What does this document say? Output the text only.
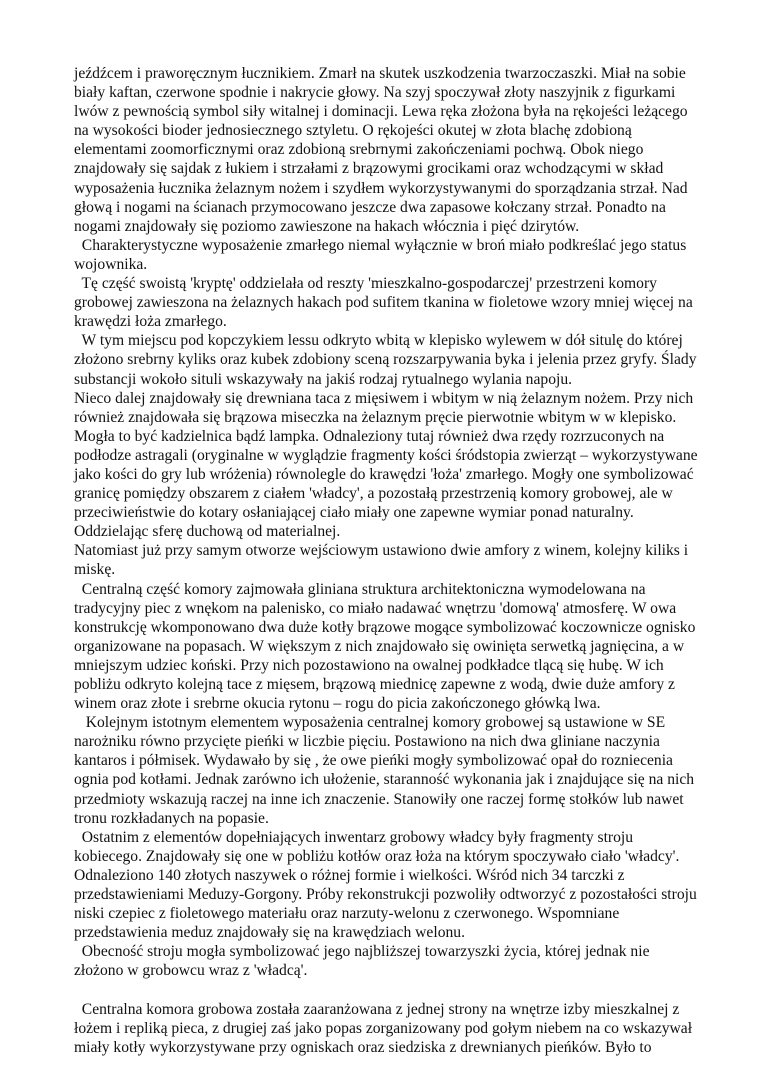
jeźdźcem i praworęcznym łucznikiem. Zmarł na skutek uszkodzenia twarzoczaszki. Miał na sobie
biały kaftan, czerwone spodnie i nakrycie głowy. Na szyj spoczywał złoty naszyjnik z figurkami
lwów z pewnością symbol siły witalnej i dominacji. Lewa ręka złożona była na rękojeści leżącego
na wysokości bioder jednosiecznego sztyletu. O rękojeści okutej w złota blachę zdobioną
elementami zoomorficznymi oraz zdobioną srebrnymi zakończeniami pochwą. Obok niego
znajdowały się sajdak z łukiem i strzałami z brązowymi grocikami oraz wchodzącymi w skład
wyposażenia łucznika żelaznym nożem i szydłem wykorzystywanymi do sporządzania strzał. Nad
głową i nogami na ścianach przymocowano jeszcze dwa zapasowe kołczany strzał. Ponadto na
nogami znajdowały się poziomo zawieszone na hakach włócznia i pięć dzirytów.

Charakterystyczne wyposażenie zmarłego niemal wyłącznie w broń miało podkreślać jego status
wojownika.

Tę część swoistą 'kryptę' oddzielała od reszty 'mieszkalno-gospodarczej' przestrzeni komory
grobowej zawieszona na żelaznych hakach pod sufitem tkanina w fioletowe wzory mniej więcej na
krawędzi łoża zmarłego.

W tym miejscu pod kopczykiem lessu odkryto wbitą w klepisko wylewem w dół situlę do której
złożono srebrny kyliks oraz kubek zdobiony sceną rozszarpywania byka i jelenia przez gryfy. Ślady
substancji wokoło situli wskazywały na jakiś rodzaj rytualnego wylania napoju.

Nieco dalej znajdowały się drewniana taca z mięsiwem i wbitym w nią żelaznym nożem. Przy nich
również znajdowała się brązowa miseczka na żelaznym pręcie pierwotnie wbitym w w klepisko.
Mogła to być kadzielnica bądź lampka. Odnaleziony tutaj również dwa rzędy rozrzuconych na
podłodze astragali (oryginalne w wyglądzie fragmenty kości śródstopia zwierząt – wykorzystywane
jako kości do gry lub wróżenia) równolegle do krawędzi 'łoża' zmarłego. Mogły one symbolizować
granicę pomiędzy obszarem z ciałem 'władcy', a pozostałą przestrzenią komory grobowej, ale w
przeciwieństwie do kotary osłaniającej ciało miały one zapewne wymiar ponad naturalny.
Oddzielając sferę duchową od materialnej.

Natomiast już przy samym otworze wejściowym ustawiono dwie amfory z winem, kolejny kiliks i
miskę.

Centralną część komory zajmowała gliniana struktura architektoniczna wymodelowana na
tradycyjny piec z wnękom na palenisko, co miało nadawać wnętrzu 'domową' atmosferę. W owa
konstrukcję wkomponowano dwa duże kotły brązowe mogące symbolizować koczownicze ognisko
organizowane na popasach. W większym z nich znajdowało się owinięta serwetką jagnięcina, a w
mniejszym udziec koński. Przy nich pozostawiono na owalnej podkładce tlącą się hubę. W ich
pobliżu odkryto kolejną tace z mięsem, brązową miednicę zapewne z wodą, dwie duże amfory z
winem oraz złote i srebrne okucia rytonu – rogu do picia zakończonego główką lwa.

Kolejnym istotnym elementem wyposażenia centralnej komory grobowej są ustawione w SE
narożniku równo przycięte pieńki w liczbie pięciu. Postawiono na nich dwa gliniane naczynia
kantaros i półmisek. Wydawało by się , że owe pieńki mogły symbolizować opał do rozniecenia
ognia pod kotłami. Jednak zarówno ich ułożenie, staranność wykonania jak i znajdujące się na nich
przedmioty wskazują raczej na inne ich znaczenie. Stanowiły one raczej formę stołków lub nawet
tronu rozkładanych na popasie.

Ostatnim z elementów dopełniających inwentarz grobowy władcy były fragmenty stroju
kobiecego. Znajdowały się one w pobliżu kotłów oraz łoża na którym spoczywało ciało 'władcy'.
Odnaleziono 140 złotych naszywek o różnej formie i wielkości. Wśród nich 34 tarczki z
przedstawieniami Meduzy-Gorgony. Próby rekonstrukcji pozwoliły odtworzyć z pozostałości stroju
niski czepiec z fioletowego materiału oraz narzuty-welonu z czerwonego. Wspomniane
przedstawienia meduz znajdowały się na krawędziach welonu.

Obecność stroju mogła symbolizować jego najbliższej towarzyszki życia, której jednak nie
złożono w grobowcu wraz z 'władcą'.

Centralna komora grobowa została zaaranżowana z jednej strony na wnętrze izby mieszkalnej z
łożem i repliką pieca, z drugiej zaś jako popas zorganizowany pod gołym niebem na co wskazywał
miały kotły wykorzystywane przy ogniskach oraz siedziska z drewnianych pieńków. Było to
